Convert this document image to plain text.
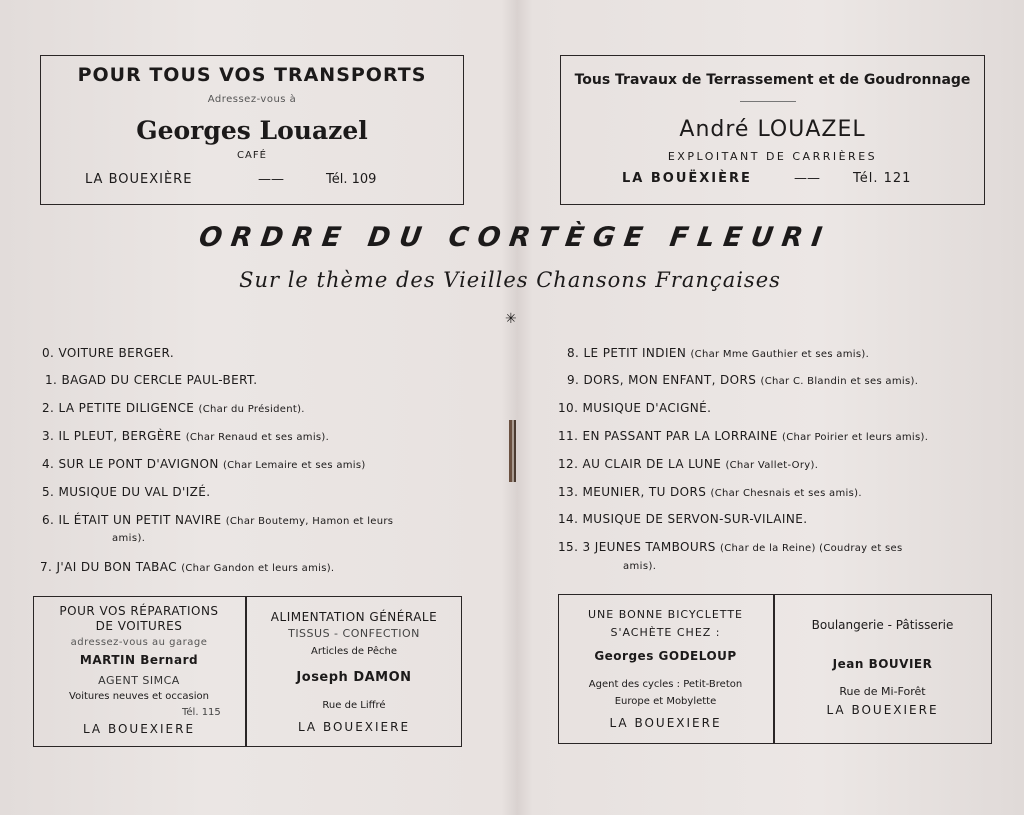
POUR TOUS VOS TRANSPORTS
Adressez-vous à
Georges Louazel
CAFÉ
LA BOUEXIÈRE	——	Tél. 109
Tous Travaux de Terrassement et de Goudronnage
André LOUAZEL
EXPLOITANT DE CARRIÈRES
LA BOUËXIÈRE	——	Tél. 121
ORDRE DU CORTÈGE FLEURI
Sur le thème des Vieilles Chansons Françaises
✳
0. VOITURE BERGER.
1. BAGAD DU CERCLE PAUL-BERT.
2. LA PETITE DILIGENCE (Char du Président).
3. IL PLEUT, BERGÈRE (Char Renaud et ses amis).
4. SUR LE PONT D'AVIGNON (Char Lemaire et ses amis)
5. MUSIQUE DU VAL D'IZÉ.
6. IL ÉTAIT UN PETIT NAVIRE (Char Boutemy, Hamon et leurs
amis).
7. J'AI DU BON TABAC (Char Gandon et leurs amis).
8. LE PETIT INDIEN (Char Mme Gauthier et ses amis).
9. DORS, MON ENFANT, DORS (Char C. Blandin et ses amis).
10. MUSIQUE D'ACIGNÉ.
11. EN PASSANT PAR LA LORRAINE (Char Poirier et leurs amis).
12. AU CLAIR DE LA LUNE (Char Vallet-Ory).
13. MEUNIER, TU DORS (Char Chesnais et ses amis).
14. MUSIQUE DE SERVON-SUR-VILAINE.
15. 3 JEUNES TAMBOURS (Char de la Reine) (Coudray et ses
amis).
POUR VOS RÉPARATIONS
DE VOITURES
adressez-vous au garage
MARTIN Bernard
AGENT SIMCA
Voitures neuves et occasion
Tél. 115
LA BOUEXIERE
ALIMENTATION GÉNÉRALE
TISSUS - CONFECTION
Articles de Pêche
Joseph DAMON
Rue de Liffré
LA BOUEXIERE
UNE BONNE BICYCLETTE
S'ACHÈTE CHEZ :
Georges GODELOUP
Agent des cycles : Petit-Breton
Europe et Mobylette
LA BOUEXIERE
Boulangerie - Pâtisserie
Jean BOUVIER
Rue de Mi-Forêt
LA BOUEXIERE
